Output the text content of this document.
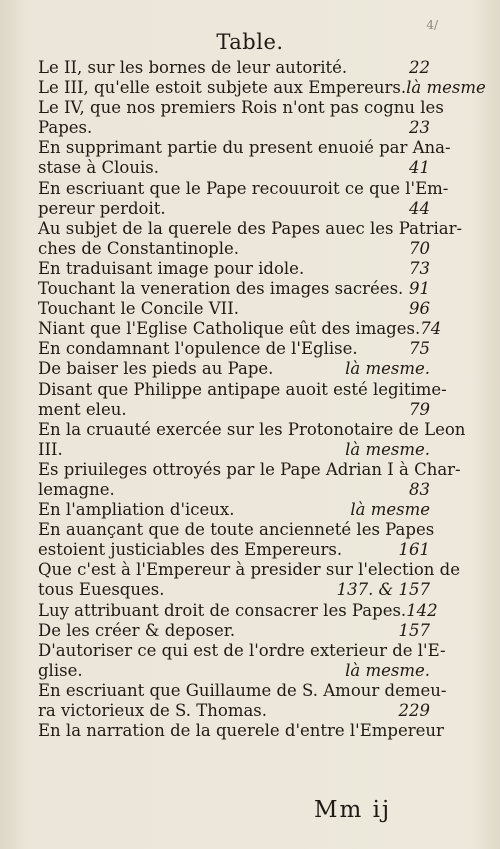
4/
Table.
Le II, sur les bornes de leur autorité.	22
Le III, qu'elle estoit subjete aux Empereurs. là mesme
Le IV, que nos premiers Rois n'ont pas cognu les
Papes.	23
En supprimant partie du present enuoié par Ana-
stase à Clouis.	41
En escriuant que le Pape recouuroit ce que l'Em-
pereur perdoit.	44
Au subjet de la querele des Papes auec les Patriar-
ches de Constantinople.	70
En traduisant image pour idole.	73
Touchant la veneration des images sacrées. 91
Touchant le Concile VII.	96
Niant que l'Eglise Catholique eût des images. 74
En condamnant l'opulence de l'Eglise.	75
De baiser les pieds au Pape.	là mesme.
Disant que Philippe antipape auoit esté legitime-
ment eleu.	79
En la cruauté exercée sur les Protonotaire de Leon
III.	là mesme.
Es priuileges ottroyés par le Pape Adrian I à Char-
lemagne.	83
En l'ampliation d'iceux.	là mesme
En auançant que de toute ancienneté les Papes
estoient justiciables des Empereurs.	161
Que c'est à l'Empereur à presider sur l'election de
tous Euesques.	137. & 157
Luy attribuant droit de consacrer les Papes. 142
De les créer & deposer.	157
D'autoriser ce qui est de l'ordre exterieur de l'E-
glise.	là mesme.
En escriuant que Guillaume de S. Amour demeu-
ra victorieux de S. Thomas.	229
En la narration de la querele d'entre l'Empereur
Mm ij
